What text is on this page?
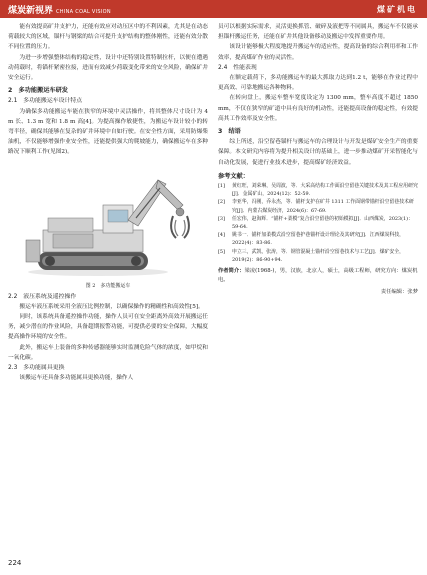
煤炭新视界 CHINA COAL VISION	煤矿机电

能有效提高矿井支护力，还能有效应对动压区中的不利因素，尤其是在动态荷载较大的区域，锚杆与钢梁的结合可提升支护结构的整体刚性，还能有效分散不同位置的压力。

为进一步增强整体结构的稳定性，设计中还特别设置特制拉杆，以便在遭遇动荷载时，将锚杆紧密拉接，进而有效减少荷载变化带来的安全风险，确保矿井安全运行。

2　多功能搬运车研发
2.1　多功能搬运车设计特点

为确保多功能搬运车能在狭窄的环境中灵活操作，将其整体尺寸设计为 4 m 长、1.3 m 宽和 1.8 m 高[4]。为提高操作敏捷性，为搬运车设计较小的转弯半径，确保其能够在复杂的矿井环境中自如行驶。在安全性方面，采用防爆柴油机，不仅能够增强作业安全性，还能提供强大的爬坡能力，确保搬运车在多种路况下顺利工作(见图2)。

图 2　多功能搬运车
2.2　液压系统及遥控操作

搬运车液压系统采用全液压比例控制，以确保操作的精确性和高效性[5]。

同时，该系统具备遥控操作功能，操作人员可在安全距离外高效开展搬运任务，减少潜在的作业风险，具备超期报警功能，可提供必要的安全保障，大幅度提高操作环境的安全性。

此外，搬运车上装备的多种传感器能够实时监测危险气体的浓度，如甲烷和一氧化碳。

2.3　多功能属具更换

该搬运车还具备多功能属具更换功能，操作人

员可以根据实际需求，灵活更换抓管、破碎及液把等不同属具，搬运车不仅能承担锚杆搬运任务，还能在矿井其他设备移动及搬运中发挥重要作用。

该设计能够极大程度地提升搬运车的适应性，提高设备的综合利用率和工作效率，提高煤矿作业的灵活性。

2.4　性能表现

在额定载荷下，多功能搬运车的最大抓取力达到1.2 t，能够在作业过程中更高效、可靠地搬运各种物料。

在转向盘上，搬运车整车宽度设定为 1300 mm，整车高度不超过 1850 mm，不仅在狭窄的矿道中具有良好的机动性，还能提高设备的稳定性，有效提高其工作效率及安全性。

3　结语

综上所述，沿空留巷锚杆与搬运车的合理设计与开发是煤矿安全生产的重要保障。本文研究内容将为提升相关设计的基础上，进一步推动煤矿开采智能化与自动化发展，促进行业技术进步，提高煤矿经济效益。

参考文献：
[1]	黄红旺，刘荣琳，吴周波，等．大采高结构工作面沿空留巷关键技术及其工程应用研究[J]．金属矿山，2024(12)：52-59.
[2]	李亚华，冯刚，乔永杰，等．锚杆支护在矿井 1311 工作面钢带锚杆沿空留巷技术研究[J]．内蒙古煤炭经济，2024(6)：67-69.
[3]	任宏伟，赵海辉．“锚杆+柔模”复合沿空留巷的初始模拟[J]．山西煤炭，2023(1)：59-64.
[4]	姚书一．锚杆加柔模式沿空留巷护巷锚杆设计理论及其研究[J]．江西煤炭科技，2022(4)：83-86.
[5]	申立三，武凯，张涛，等．钢管混凝土锚杆沿空留巷技术与工艺[J]．煤矿安全，2019(2)：86-90+94.
作者简介：梁凌(1968-)，男，汉族，北京人，硕士，高级工程师，研究方向：煤炭机电。
责任编辑：张梦
224
